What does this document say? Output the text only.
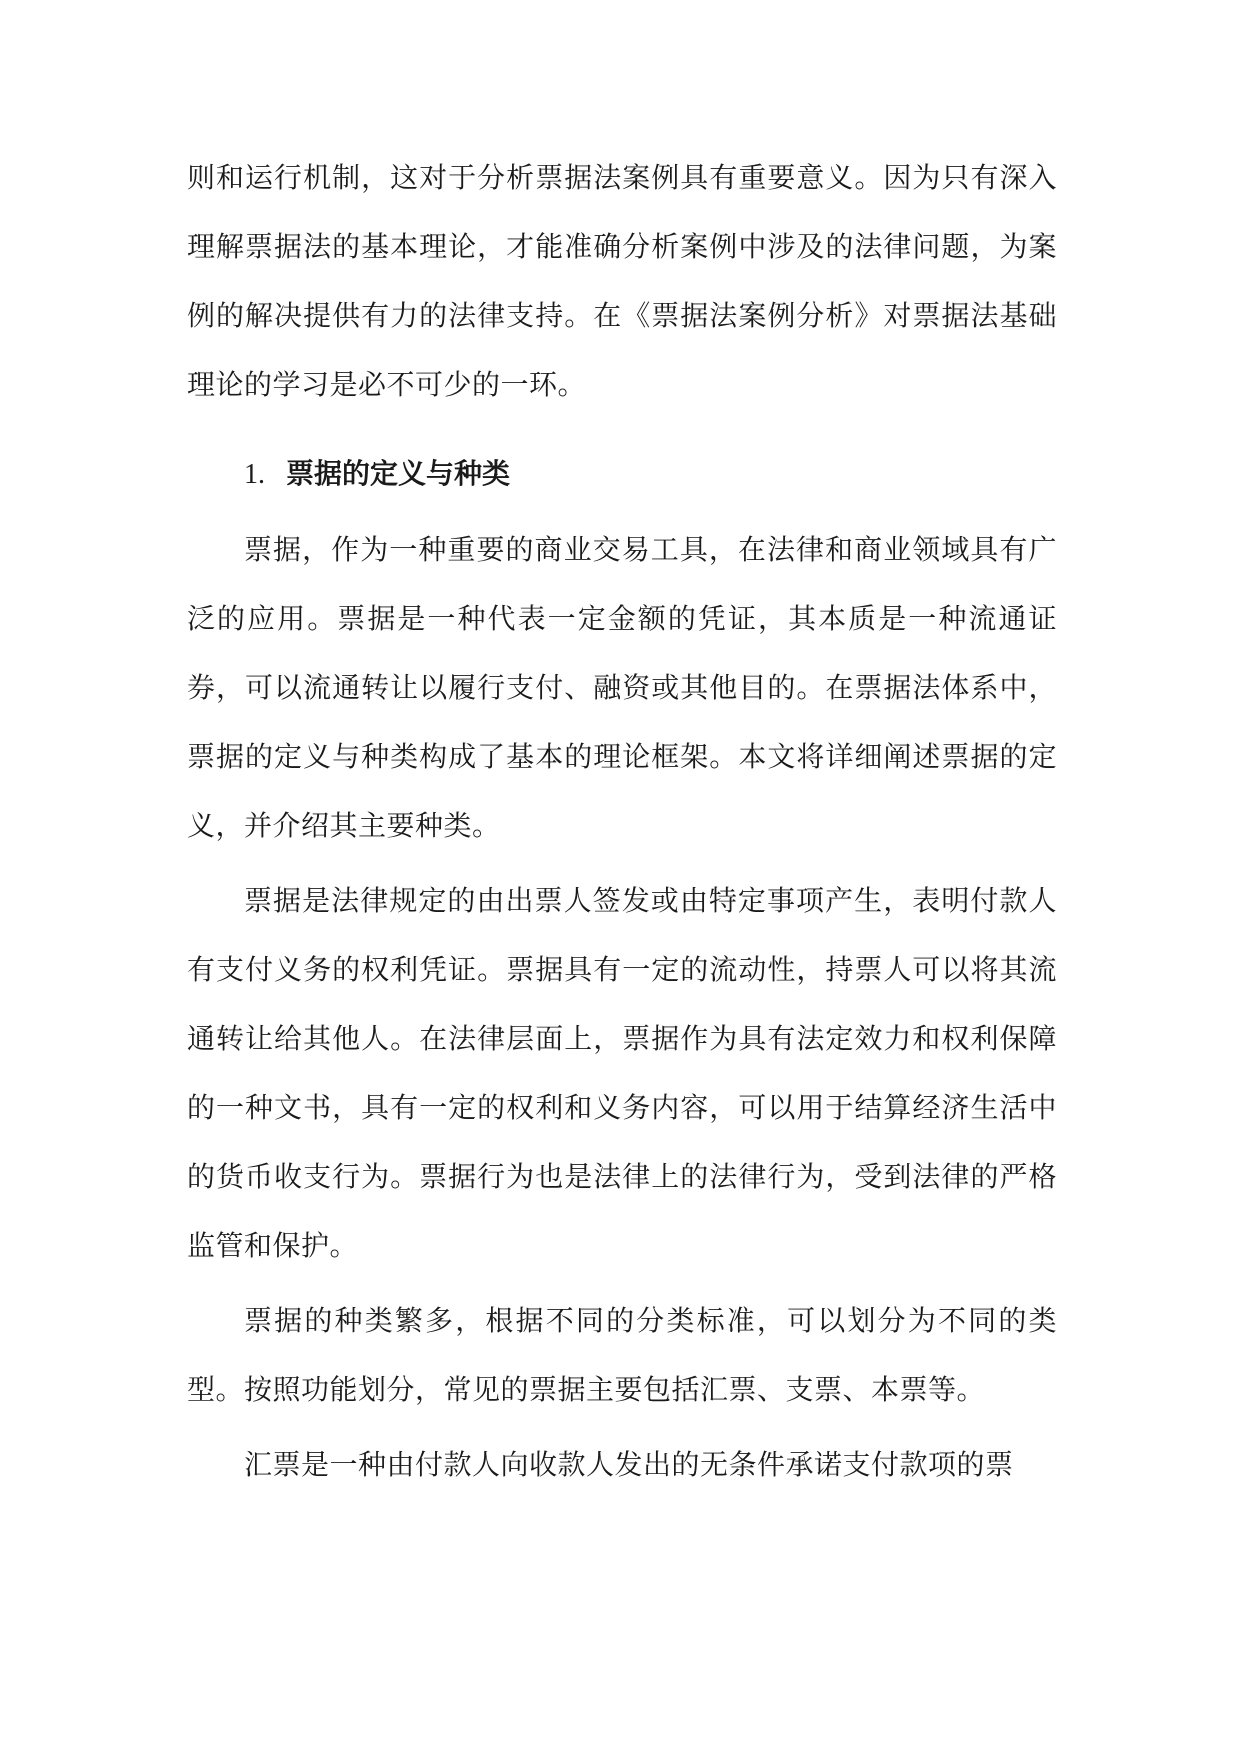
则和运行机制，这对于分析票据法案例具有重要意义。因为只有深入理解票据法的基本理论，才能准确分析案例中涉及的法律问题，为案例的解决提供有力的法律支持。在《票据法案例分析》对票据法基础理论的学习是必不可少的一环。

1. 票据的定义与种类

票据，作为一种重要的商业交易工具，在法律和商业领域具有广泛的应用。票据是一种代表一定金额的凭证，其本质是一种流通证券，可以流通转让以履行支付、融资或其他目的。在票据法体系中，票据的定义与种类构成了基本的理论框架。本文将详细阐述票据的定义，并介绍其主要种类。

票据是法律规定的由出票人签发或由特定事项产生，表明付款人有支付义务的权利凭证。票据具有一定的流动性，持票人可以将其流通转让给其他人。在法律层面上，票据作为具有法定效力和权利保障的一种文书，具有一定的权利和义务内容，可以用于结算经济生活中的货币收支行为。票据行为也是法律上的法律行为，受到法律的严格监管和保护。

票据的种类繁多，根据不同的分类标准，可以划分为不同的类型。按照功能划分，常见的票据主要包括汇票、支票、本票等。

汇票是一种由付款人向收款人发出的无条件承诺支付款项的票
